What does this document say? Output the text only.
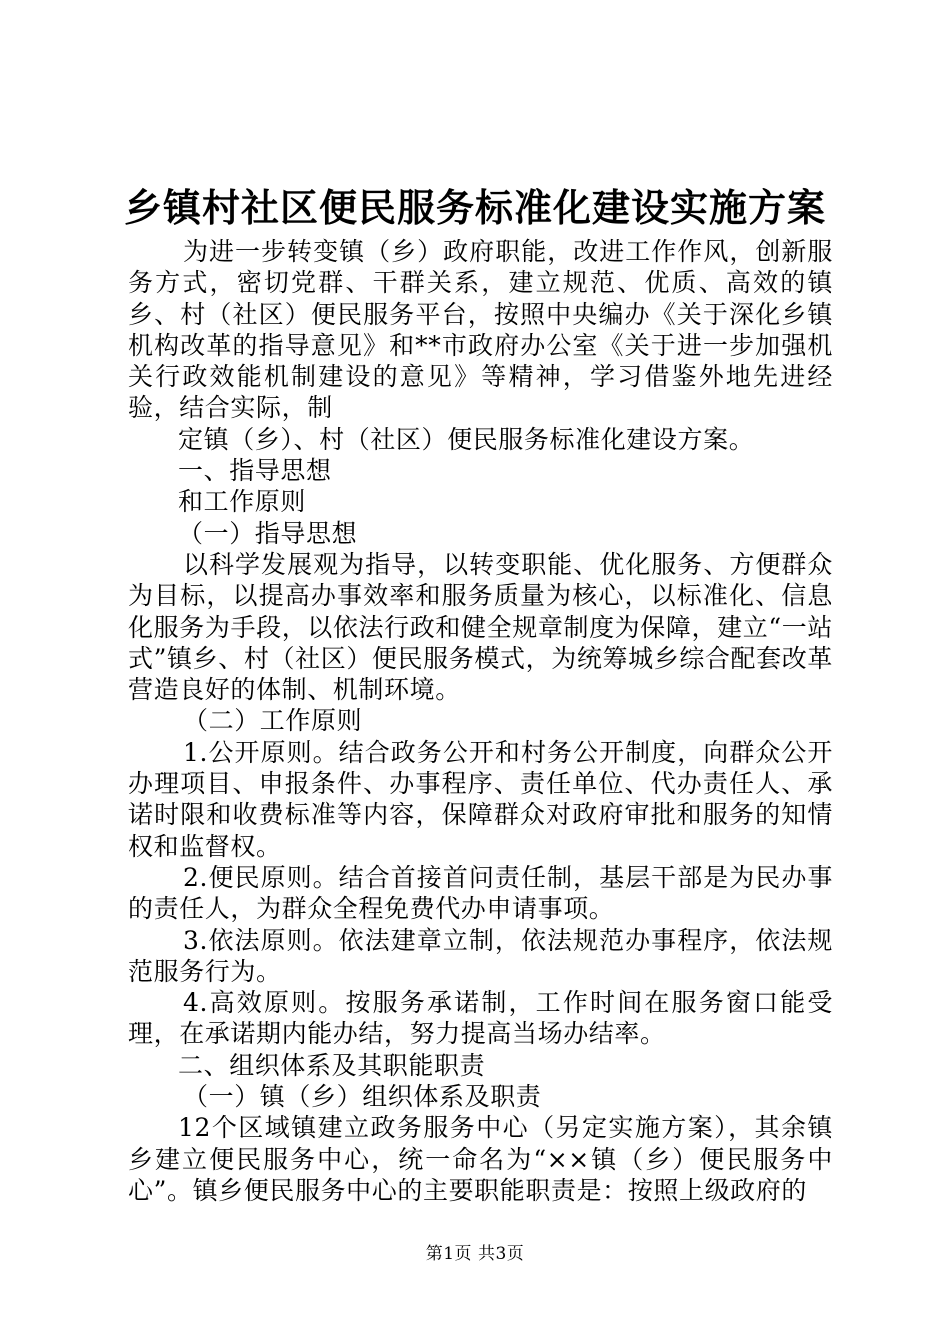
乡镇村社区便民服务标准化建设实施方案

为进一步转变镇（乡）政府职能，改进工作作风，创新服务方式，密切党群、干群关系，建立规范、优质、高效的镇乡、村（社区）便民服务平台，按照中央编办《关于深化乡镇机构改革的指导意见》和**市政府办公室《关于进一步加强机关行政效能机制建设的意见》等精神，学习借鉴外地先进经验，结合实际，制

定镇（乡）、村（社区）便民服务标准化建设方案。

一、指导思想

和工作原则

（一）指导思想

以科学发展观为指导，以转变职能、优化服务、方便群众为目标，以提高办事效率和服务质量为核心，以标准化、信息化服务为手段，以依法行政和健全规章制度为保障，建立“一站式”镇乡、村（社区）便民服务模式，为统筹城乡综合配套改革营造良好的体制、机制环境。

（二）工作原则

1.公开原则。结合政务公开和村务公开制度，向群众公开办理项目、申报条件、办事程序、责任单位、代办责任人、承诺时限和收费标准等内容，保障群众对政府审批和服务的知情权和监督权。

2.便民原则。结合首接首问责任制，基层干部是为民办事的责任人，为群众全程免费代办申请事项。

3.依法原则。依法建章立制，依法规范办事程序，依法规范服务行为。

4.高效原则。按服务承诺制，工作时间在服务窗口能受理，在承诺期内能办结，努力提高当场办结率。

二、组织体系及其职能职责

（一）镇（乡）组织体系及职责

12个区域镇建立政务服务中心（另定实施方案），其余镇乡建立便民服务中心，统一命名为“××镇（乡）便民服务中心”。镇乡便民服务中心的主要职能职责是：按照上级政府的

第1页 共3页
